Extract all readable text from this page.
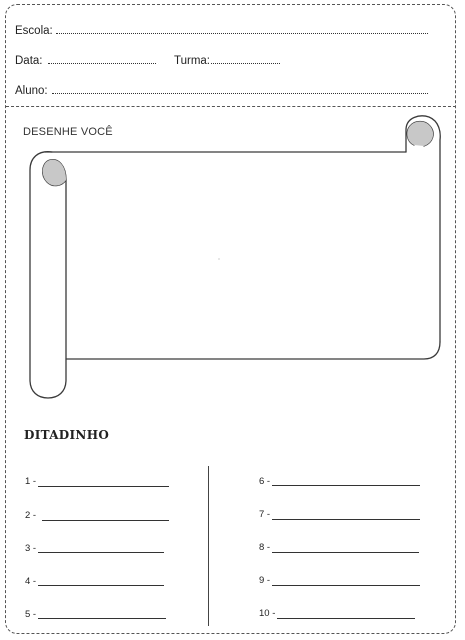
Escola:
Data:	Turma:
Aluno:
DESENHE VOCÊ
DITADINHO
1 -
2 -
3 -
4 -
5 -
6 -
7 -
8 -
9 -
10 -
